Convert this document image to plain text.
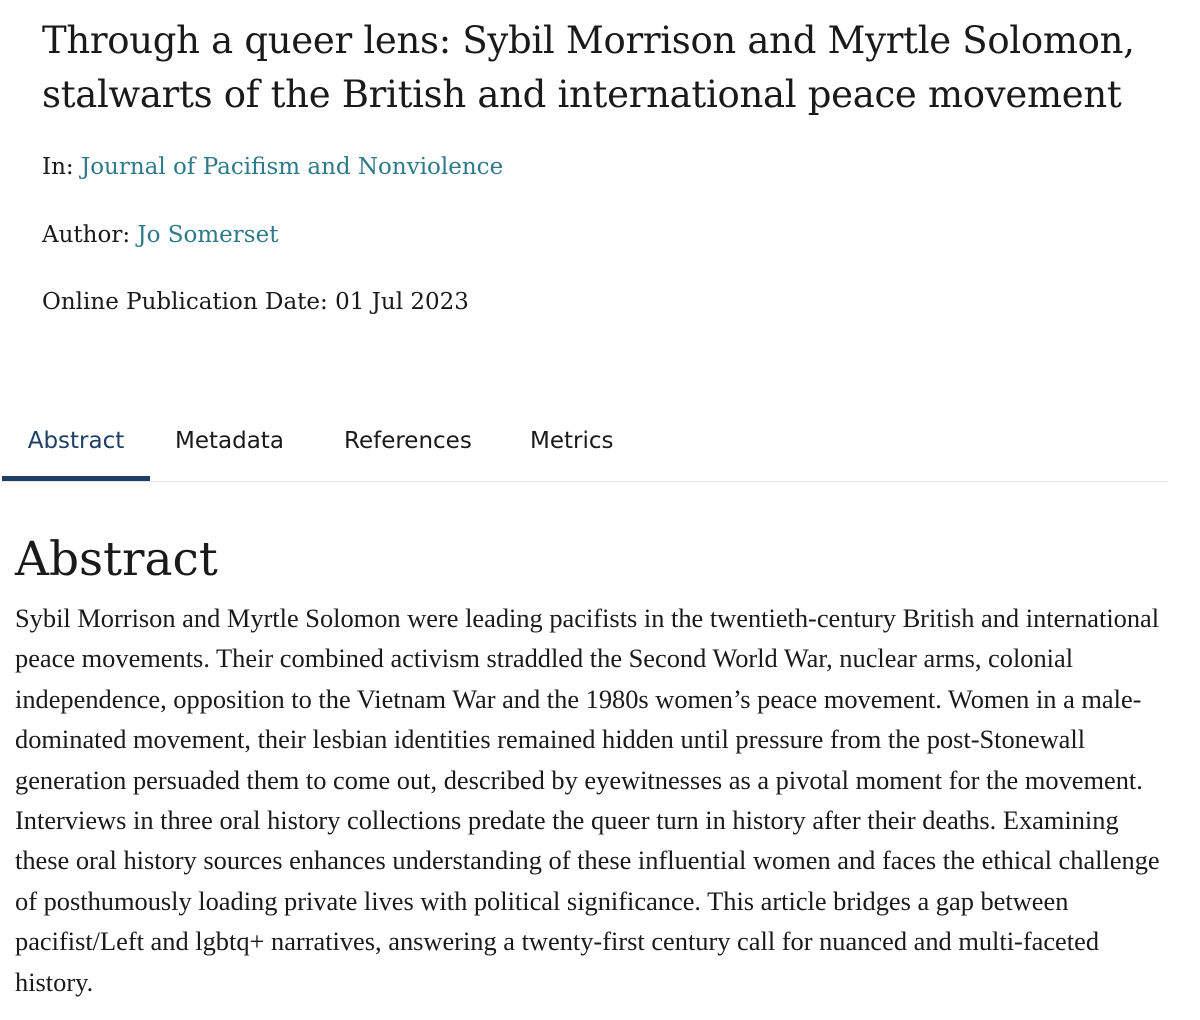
Through a queer lens: Sybil Morrison and Myrtle Solomon, stalwarts of the British and international peace movement
In: Journal of Pacifism and Nonviolence
Author: Jo Somerset
Online Publication Date: 01 Jul 2023
Abstract	Metadata	References	Metrics
Abstract

Sybil Morrison and Myrtle Solomon were leading pacifists in the twentieth-century British and international peace movements. Their combined activism straddled the Second World War, nuclear arms, colonial independence, opposition to the Vietnam War and the 1980s women’s peace movement. Women in a male-dominated movement, their lesbian identities remained hidden until pressure from the post-Stonewall generation persuaded them to come out, described by eyewitnesses as a pivotal moment for the movement. Interviews in three oral history collections predate the queer turn in history after their deaths. Examining these oral history sources enhances understanding of these influential women and faces the ethical challenge of posthumously loading private lives with political significance. This article bridges a gap between pacifist/Left and lgbtq+ narratives, answering a twenty-first century call for nuanced and multi-faceted history.
